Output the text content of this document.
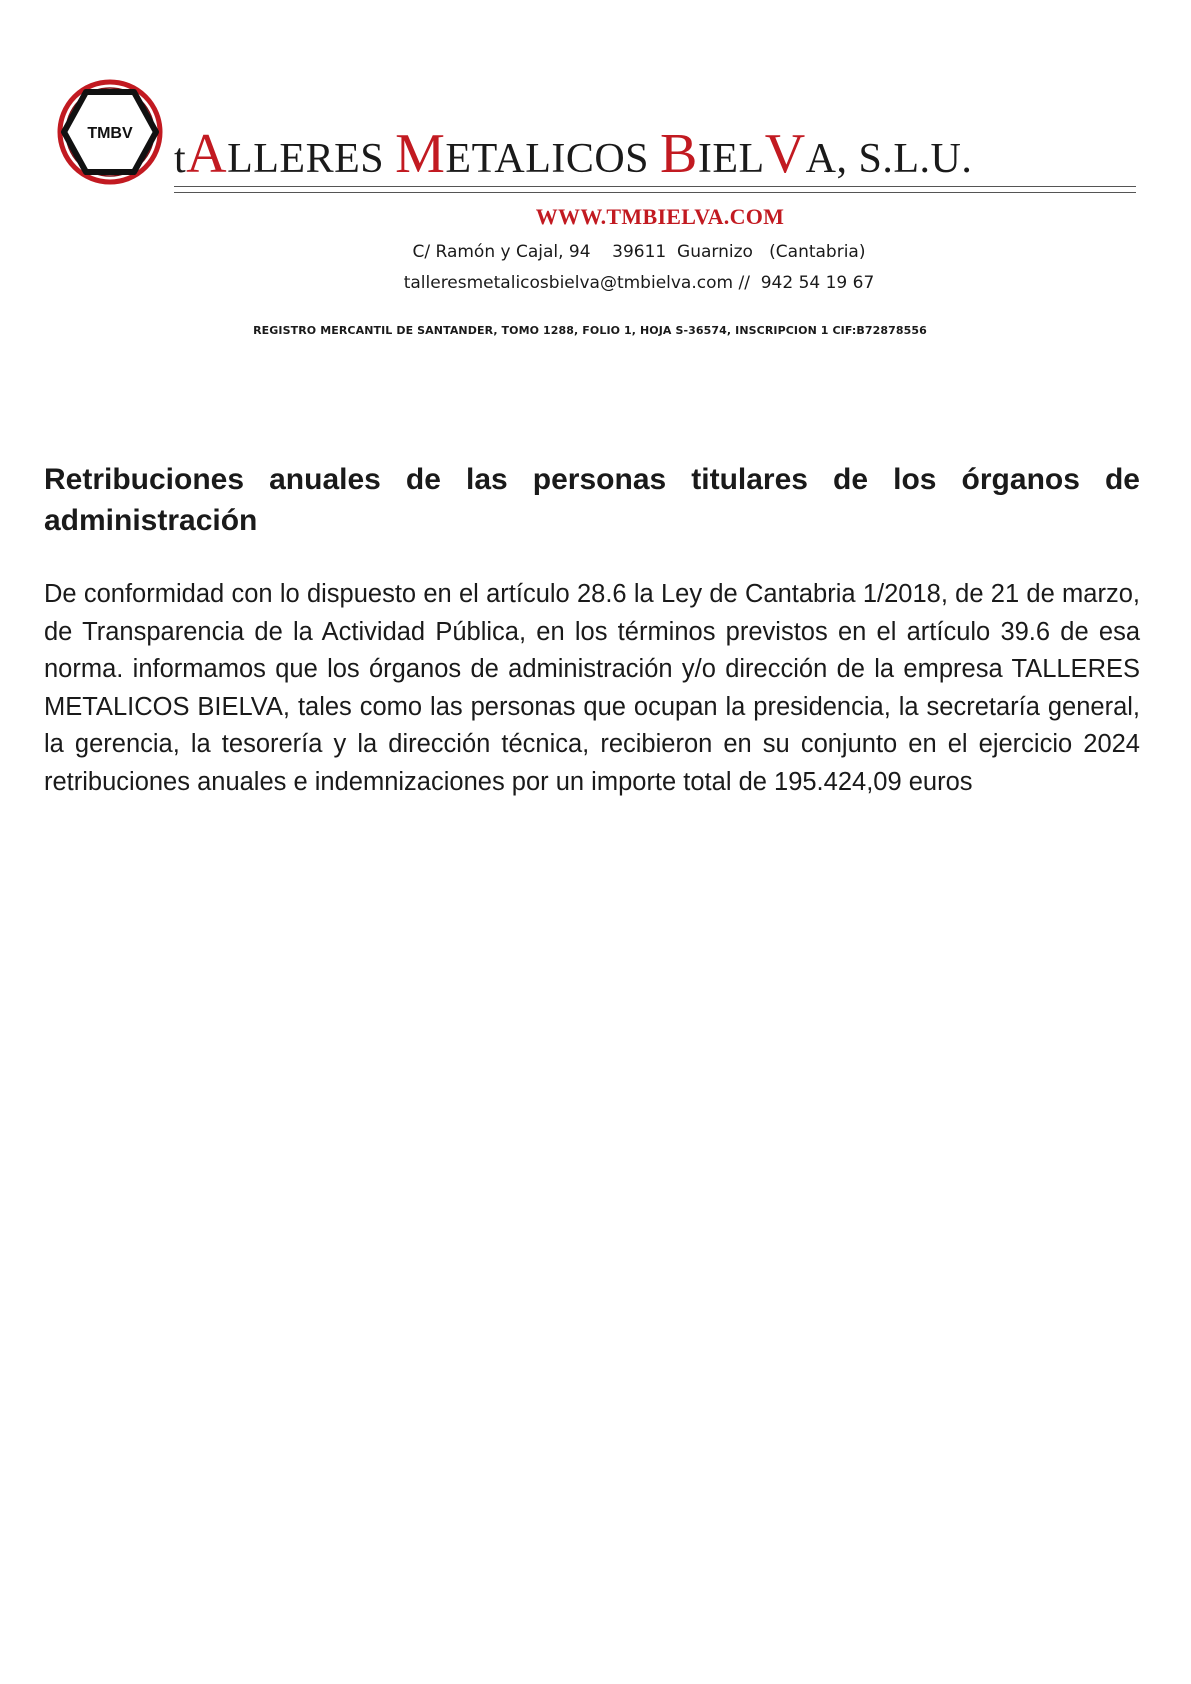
TMBV
tALLERES METALICOS BIELVA, S.L.U.
WWW.TMBIELVA.COM
C/ Ramón y Cajal, 94    39611  Guarnizo   (Cantabria)
talleresmetalicosbielva@tmbielva.com //  942 54 19 67
REGISTRO MERCANTIL DE SANTANDER, TOMO 1288, FOLIO 1, HOJA S-36574, INSCRIPCION 1 CIF:B72878556
Retribuciones anuales de las personas titulares de los órganos de administración

De conformidad con lo dispuesto en el artículo 28.6 la Ley de Cantabria 1/2018, de 21 de marzo, de Transparencia de la Actividad Pública, en los términos previstos en el artículo 39.6 de esa norma. informamos que los órganos de administración y/o dirección de la empresa TALLERES METALICOS BIELVA, tales como las personas que ocupan la presidencia, la secretaría general, la gerencia, la tesorería y la dirección técnica, recibieron en su conjunto en el ejercicio 2024 retribuciones anuales e indemnizaciones por un importe total de 195.424,09 euros
